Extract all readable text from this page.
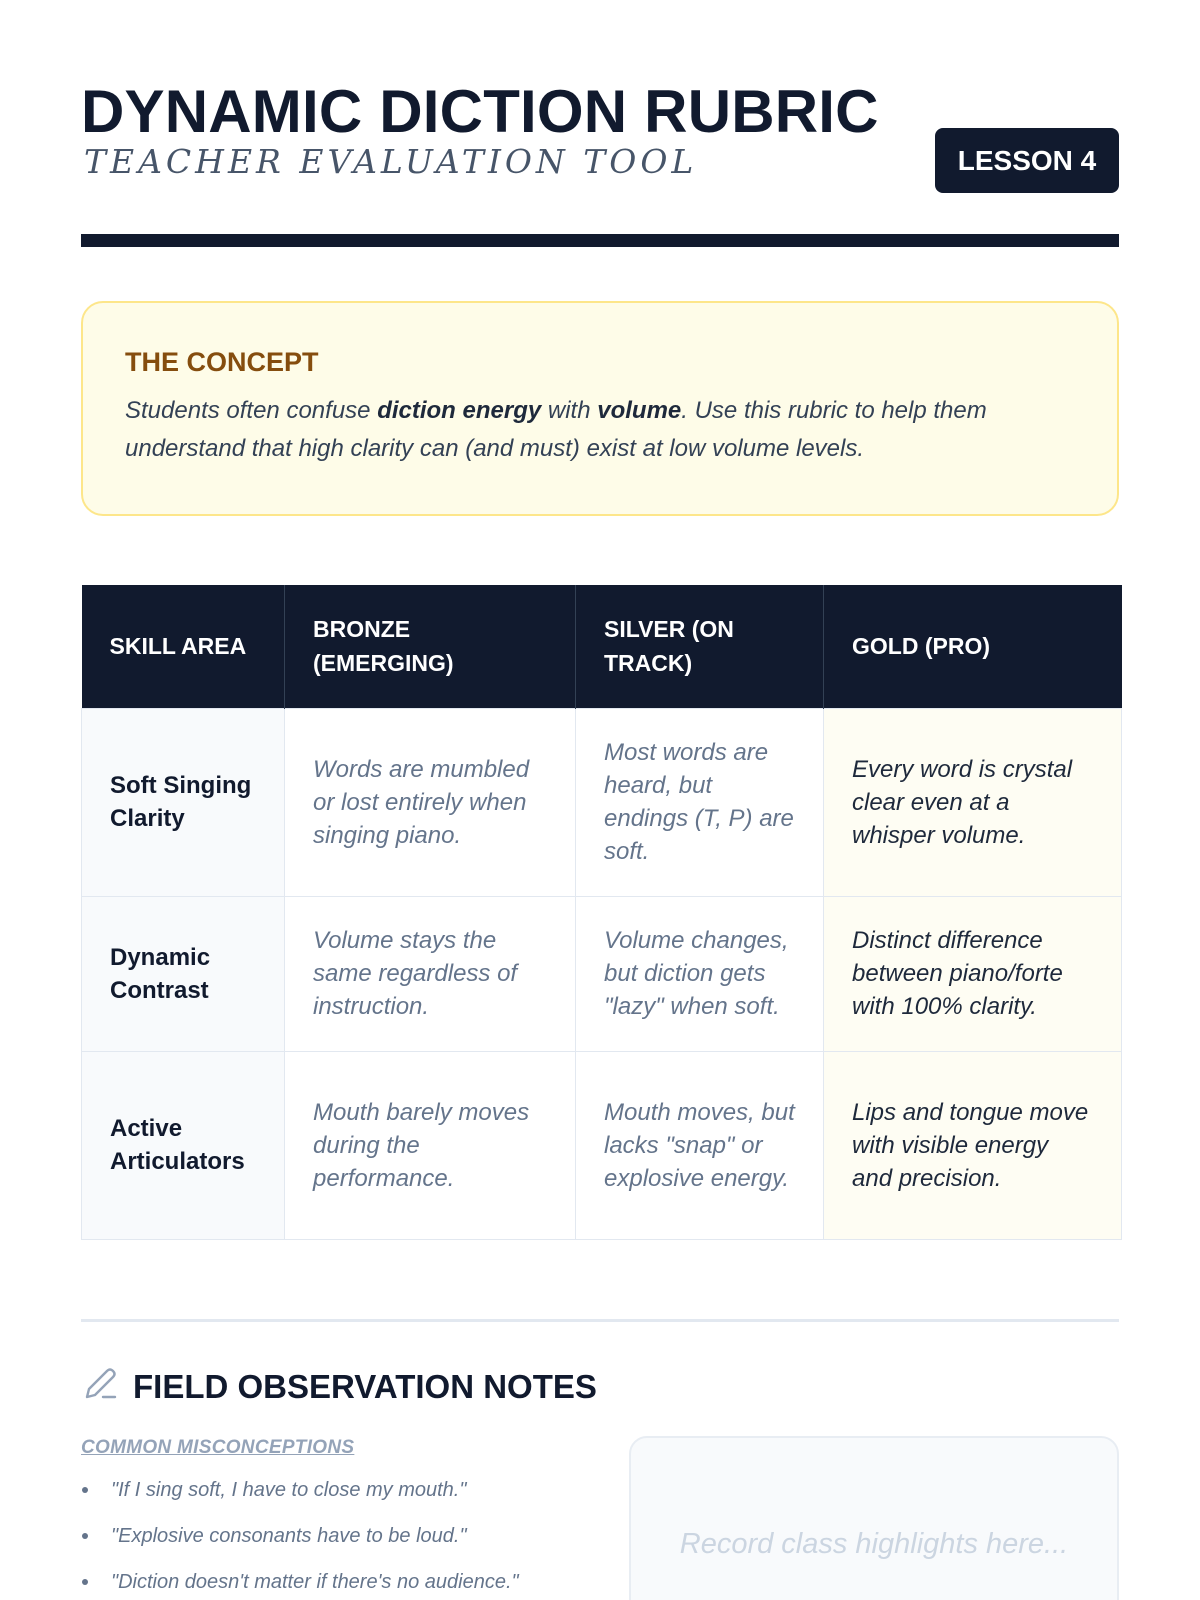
DYNAMIC DICTION RUBRIC
TEACHER EVALUATION TOOL	LESSON 4
THE CONCEPT

Students often confuse diction energy with volume. Use this rubric to help them understand that high clarity can (and must) exist at low volume levels.

SKILL AREA	BRONZE (EMERGING)	SILVER (ON TRACK)	GOLD (PRO)
Soft Singing Clarity	Words are mumbled or lost entirely when singing piano.	Most words are heard, but endings (T, P) are soft.	Every word is crystal clear even at a whisper volume.
Dynamic Contrast	Volume stays the same regardless of instruction.	Volume changes, but diction gets "lazy" when soft.	Distinct difference between piano/forte with 100% clarity.
Active Articulators	Mouth barely moves during the performance.	Mouth moves, but lacks "snap" or explosive energy.	Lips and tongue move with visible energy and precision.
FIELD OBSERVATION NOTES
COMMON MISCONCEPTIONS
"If I sing soft, I have to close my mouth."
"Explosive consonants have to be loud."
"Diction doesn't matter if there's no audience."
Record class highlights here...
